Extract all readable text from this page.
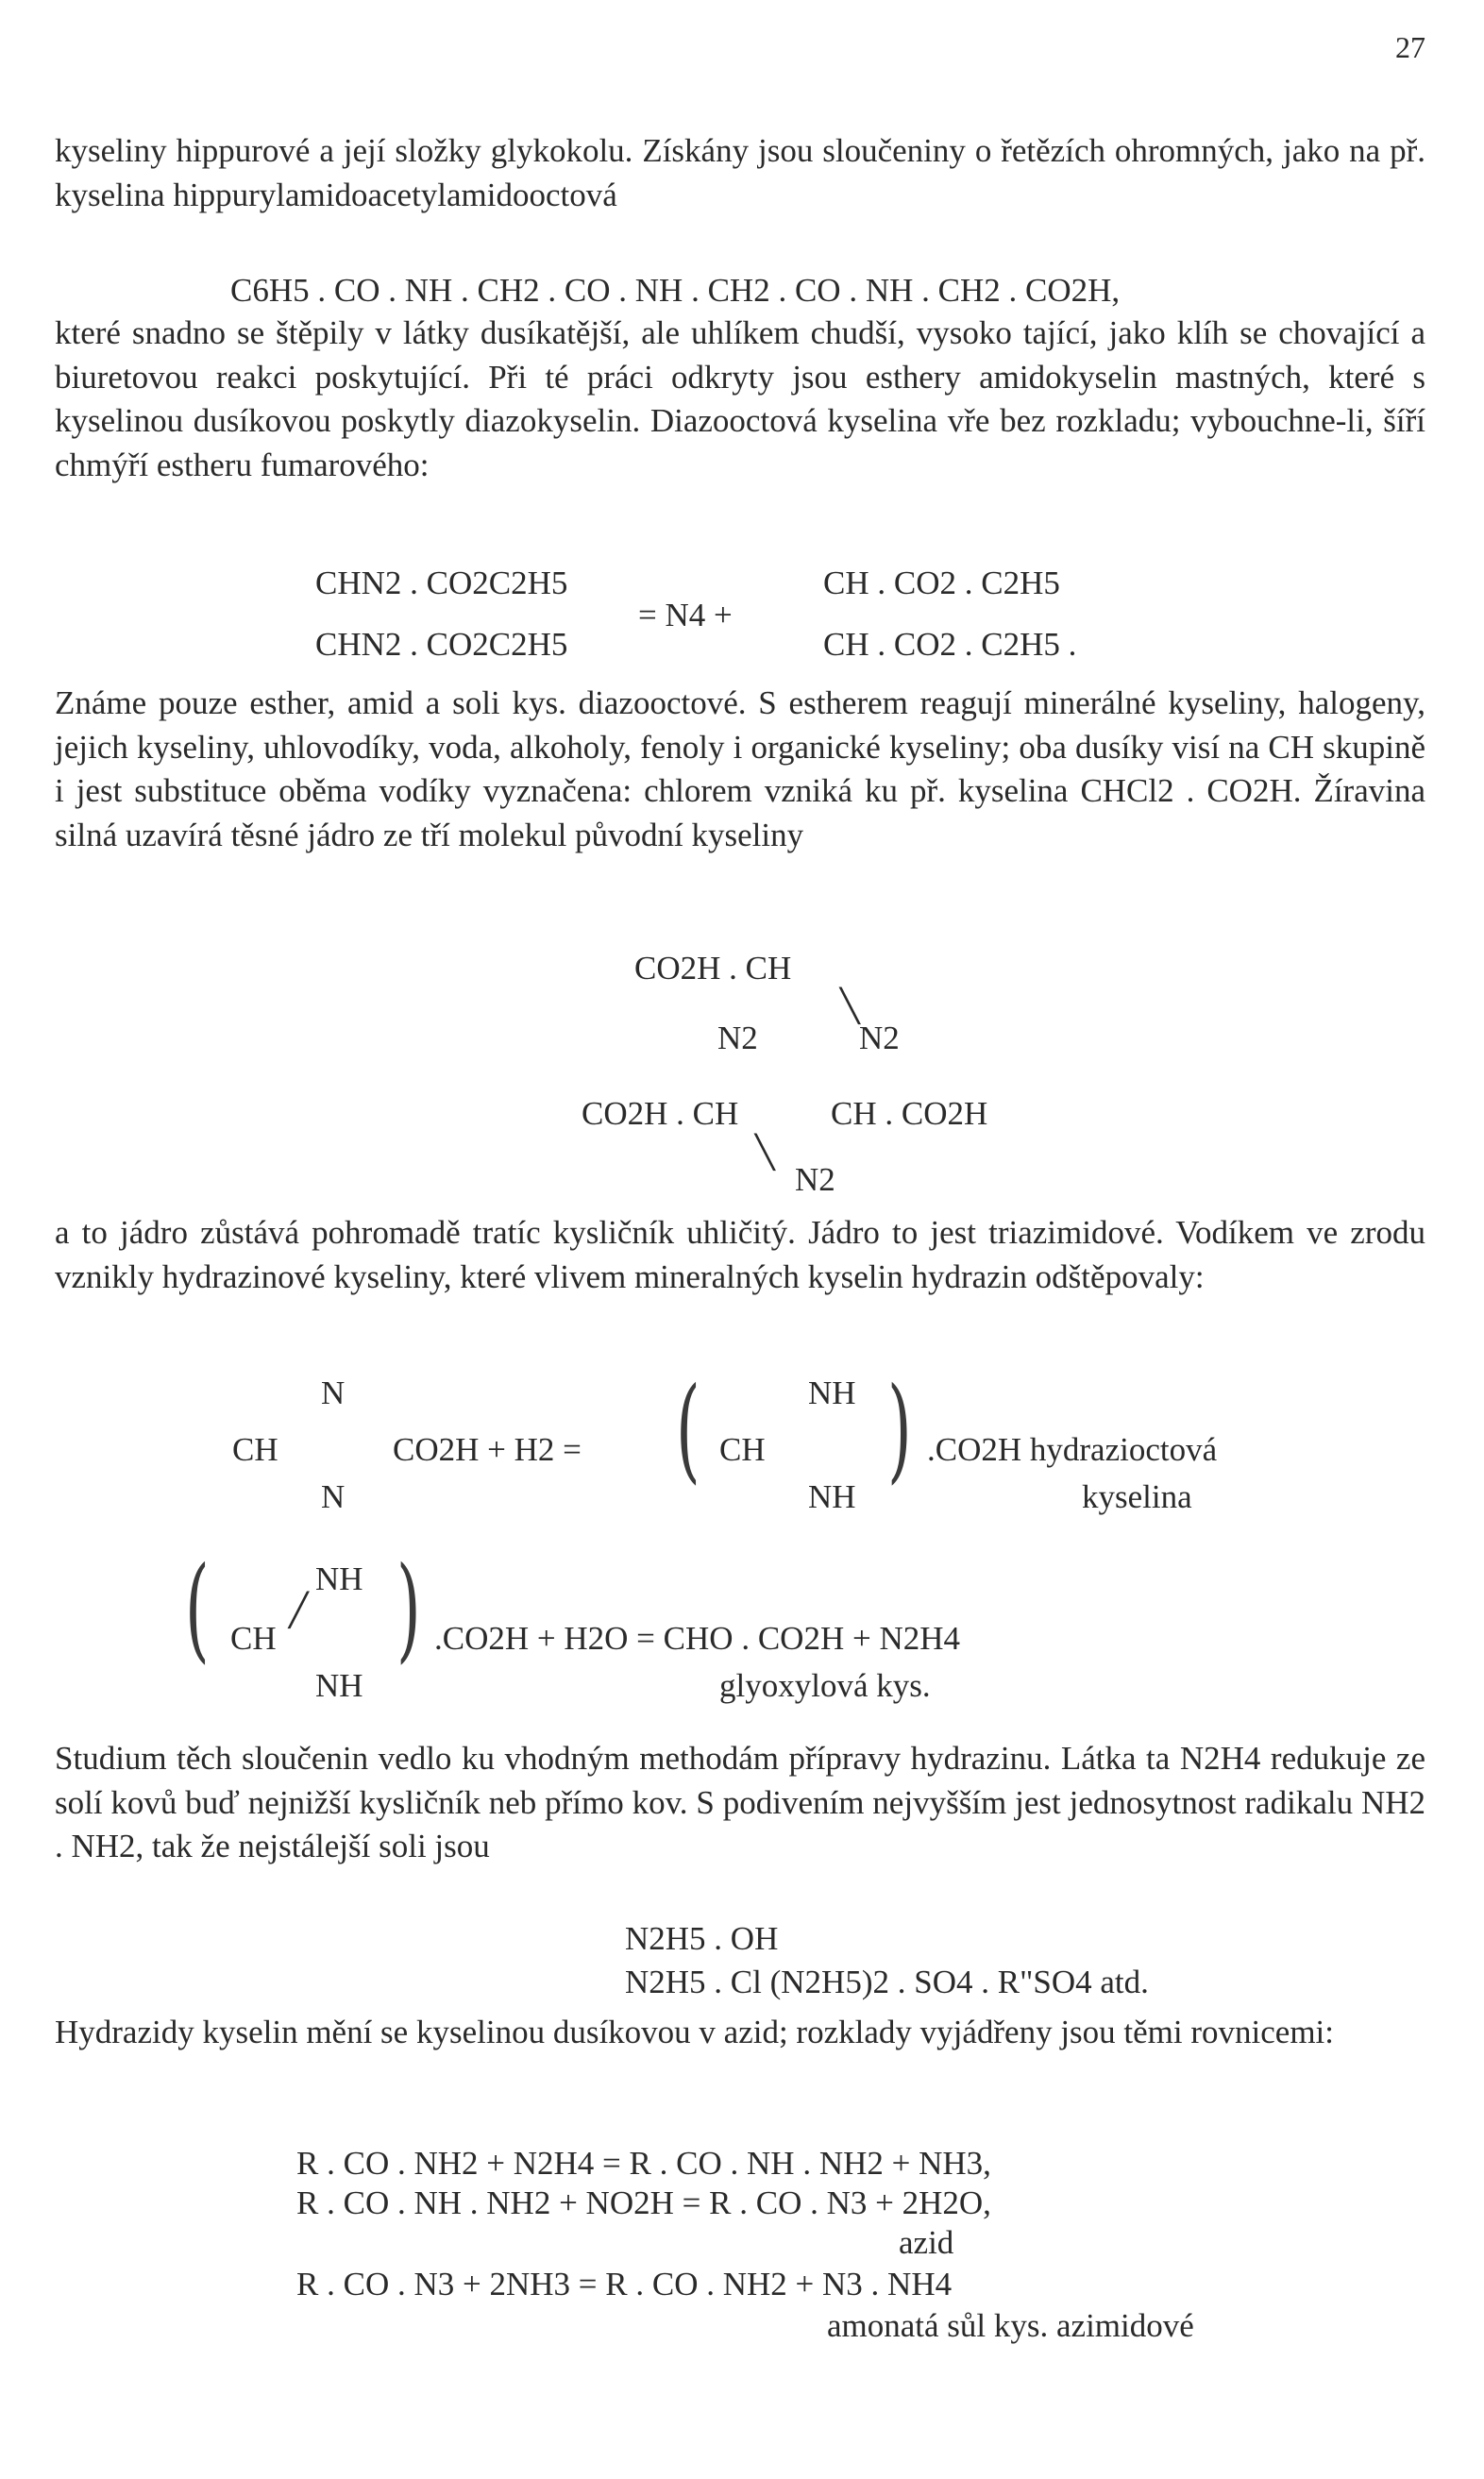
27

kyseliny hippurové a její složky glykokolu. Získány jsou sloučeniny o řetězích ohromných, jako na př. kyselina hippurylamidoacetylamidooctová

C6H5 . CO . NH . CH2 . CO . NH . CH2 . CO . NH . CH2 . CO2H,

které snadno se štěpily v látky dusíkatější, ale uhlíkem chudší, vysoko tající, jako klíh se chovající a biuretovou reakci poskytující. Při té práci odkryty jsou esthery amidokyselin mastných, které s kyselinou dusíkovou poskytly diazokyselin. Diazooctová kyselina vře bez rozkladu; vybouchne-li, šíří chmýří estheru fumarového:

CHN2 . CO2C2H5
CHN2 . CO2C2H5
= N4 +
CH . CO2 . C2H5
CH . CO2 . C2H5 .

Známe pouze esther, amid a soli kys. diazooctové. S estherem reagují minerálné kyseliny, halogeny, jejich kyseliny, uhlovodíky, voda, alkoholy, fenoly i organické kyseliny; oba dusíky visí na CH skupině i jest substituce oběma vodíky vyznačena: chlorem vzniká ku př. kyselina CHCl2 . CO2H. Žíravina silná uzavírá těsné jádro ze tří molekul původní kyseliny

CO2H . CH
╲
N2	N2
CO2H . CH	CH . CO2H
╲
N2

a to jádro zůstává pohromadě tratíc kysličník uhličitý. Jádro to jest triazimidové. Vodíkem ve zrodu vznikly hydrazinové kyseliny, které vlivem mineralných kyselin hydrazin odštěpovaly:

N
CH
N
CO2H + H2 = (	NH
CH
NH
) .CO2H hydrazioctová
kyselina
(	NH
╱
CH
NH
) .CO2H + H2O = CHO . CO2H + N2H4
glyoxylová kys.

Studium těch sloučenin vedlo ku vhodným methodám přípravy hydrazinu. Látka ta N2H4 redukuje ze solí kovů buď nejnižší kysličník neb přímo kov. S podivením nejvyšším jest jednosytnost radikalu NH2 . NH2, tak že nejstálejší soli jsou

N2H5 . OH
N2H5 . Cl (N2H5)2 . SO4 . R"SO4 atd.

Hydrazidy kyselin mění se kyselinou dusíkovou v azid; rozklady vyjádřeny jsou těmi rovnicemi:

R . CO . NH2 + N2H4 = R . CO . NH . NH2 + NH3,
R . CO . NH . NH2 + NO2H = R . CO . N3 + 2H2O,
azid
R . CO . N3 + 2NH3 = R . CO . NH2 + N3 . NH4
amonatá sůl kys. azimidové
